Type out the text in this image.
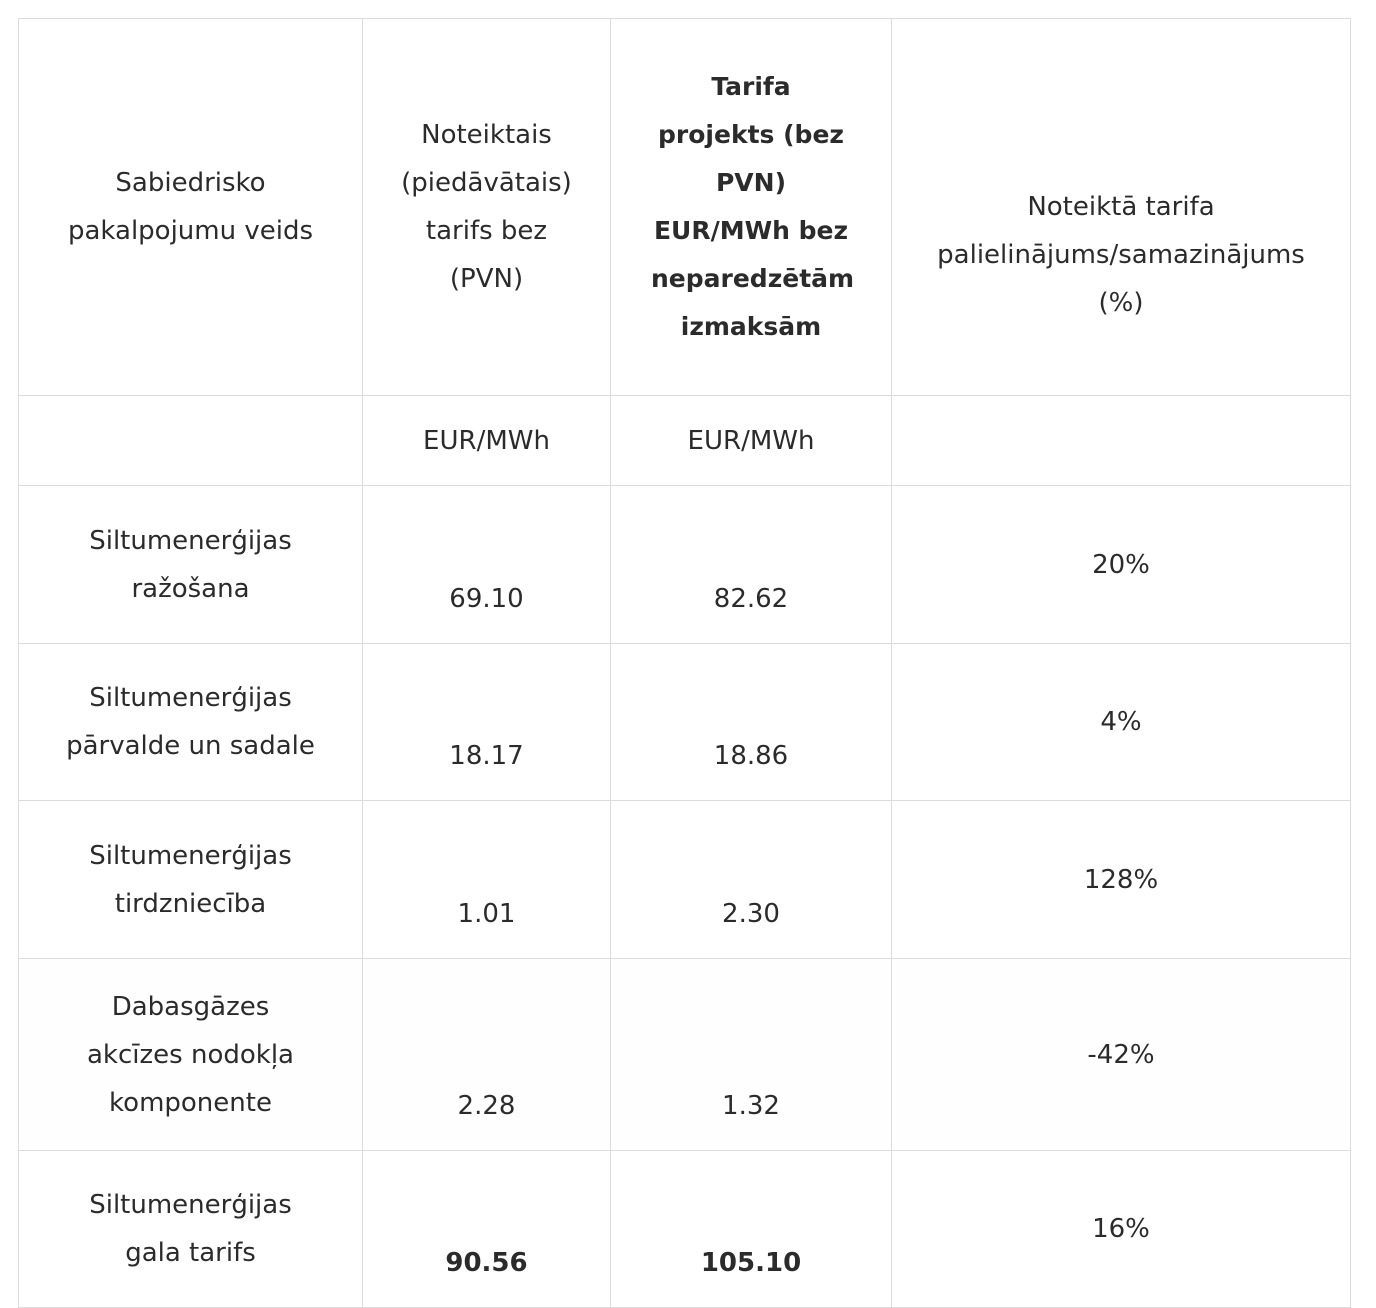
Sabiedrisko pakalpojumu veids	Noteiktais (piedāvātais) tarifs bez (PVN)	Tarifa projekts (bez PVN) EUR/MWh bez neparedzētām izmaksām	Noteiktā tarifa palielinājums/samazinājums (%)
	EUR/MWh	EUR/MWh	
Siltumenerģijas ražošana	69.10	82.62	20%
Siltumenerģijas pārvalde un sadale	18.17	18.86	4%
Siltumenerģijas tirdzniecība	1.01	2.30	128%
Dabasgāzes akcīzes nodokļa komponente	2.28	1.32	-42%
Siltumenerģijas gala tarifs	90.56	105.10	16%
